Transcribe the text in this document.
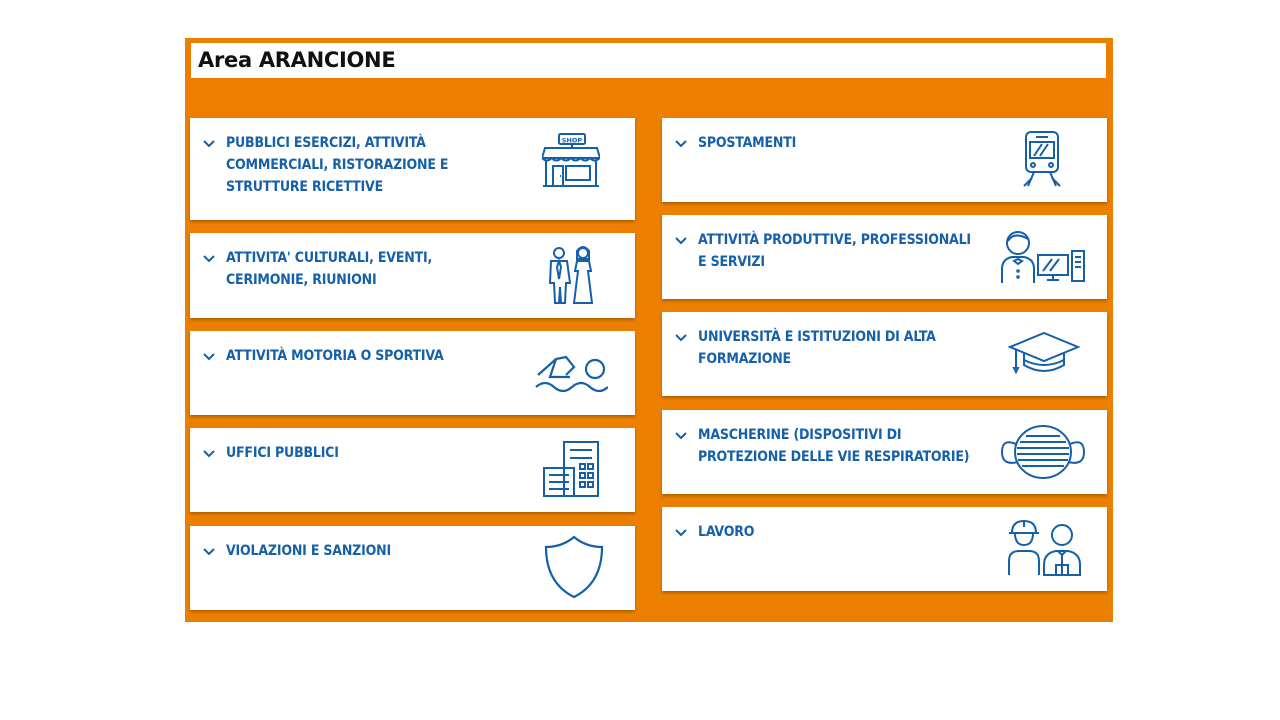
Area ARANCIONE
PUBBLICI ESERCIZI, ATTIVITÀ COMMERCIALI, RISTORAZIONE E STRUTTURE RICETTIVE
SHOP
ATTIVITA' CULTURALI, EVENTI, CERIMONIE, RIUNIONI
ATTIVITÀ MOTORIA O SPORTIVA
UFFICI PUBBLICI
VIOLAZIONI E SANZIONI
SPOSTAMENTI
ATTIVITÀ PRODUTTIVE, PROFESSIONALI E SERVIZI
UNIVERSITÀ E ISTITUZIONI DI ALTA FORMAZIONE
MASCHERINE (DISPOSITIVI DI PROTEZIONE DELLE VIE RESPIRATORIE)
LAVORO
